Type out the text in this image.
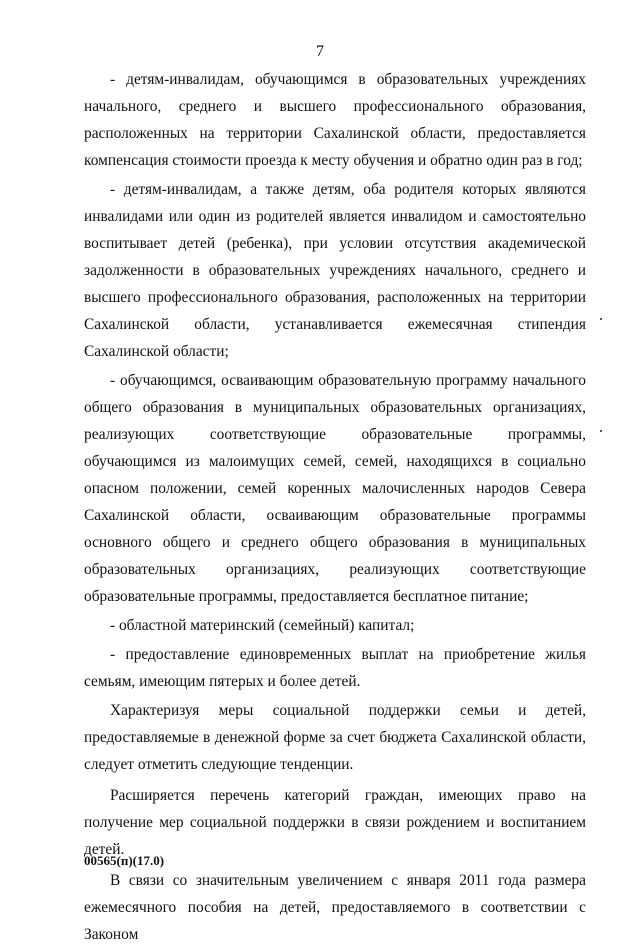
7

- детям-инвалидам, обучающимся в образовательных учреждениях начального, среднего и высшего профессионального образования, расположенных на территории Сахалинской области, предоставляется компенсация стоимости проезда к месту обучения и обратно один раз в год;

- детям-инвалидам, а также детям, оба родителя которых являются инвалидами или один из родителей является инвалидом и самостоятельно воспитывает детей (ребенка), при условии отсутствия академической задолженности в образовательных учреждениях начального, среднего и высшего профессионального образования, расположенных на территории Сахалинской области, устанавливается ежемесячная стипендия Сахалинской области;

- обучающимся, осваивающим образовательную программу начального общего образования в муниципальных образовательных организациях, реализующих соответствующие образовательные программы, обучающимся из малоимущих семей, семей, находящихся в социально опасном положении, семей коренных малочисленных народов Севера Сахалинской области, осваивающим образовательные программы основного общего и среднего общего образования в муниципальных образовательных организациях, реализующих соответствующие образовательные программы, предоставляется бесплатное питание;

- областной материнский (семейный) капитал;

- предоставление единовременных выплат на приобретение жилья семьям, имеющим пятерых и более детей.

Характеризуя меры социальной поддержки семьи и детей, предоставляемые в денежной форме за счет бюджета Сахалинской области, следует отметить следующие тенденции.

Расширяется перечень категорий граждан, имеющих право на получение мер социальной поддержки в связи рождением и воспитанием детей.

В связи со значительным увеличением с января 2011 года размера ежемесячного пособия на детей, предоставляемого в соответствии с Законом

00565(п)(17.0)
